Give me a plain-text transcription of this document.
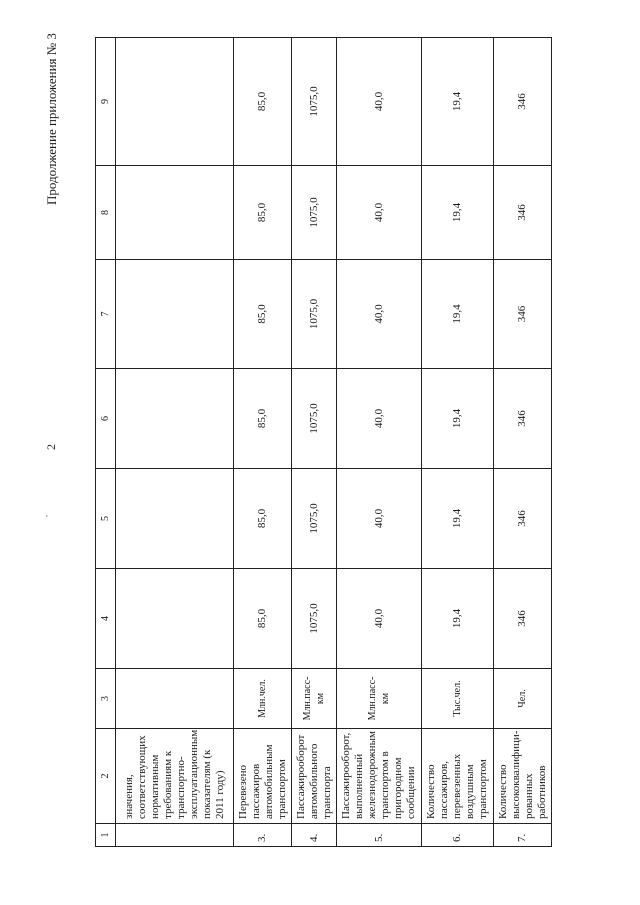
,
2
Продолжение приложения № 3
1	2	3	4	5	6	7	8	9
	значения, соответствующих нормативным требованиям к транспортно-эксплуатационным показателям (к 2011 году)							
3.	Перевезено пассажиров автомобильным транспортом	Млн.чел.	85,0	85,0	85,0	85,0	85,0	85,0
4.	Пассажирооборот автомобильного транспорта	Млн.пасс-км	1075,0	1075,0	1075,0	1075,0	1075,0	1075,0
5.	Пассажирооборот, выполненный железнодорожным транспортом в пригородном сообщении	Млн.пасс-км	40,0	40,0	40,0	40,0	40,0	40,0
6.	Количество пассажиров, перевезенных воздушным транспортом	Тыс.чел.	19,4	19,4	19,4	19,4	19,4	19,4
7.	Количество высококвалифици-рованных работников	Чел.	346	346	346	346	346	346
